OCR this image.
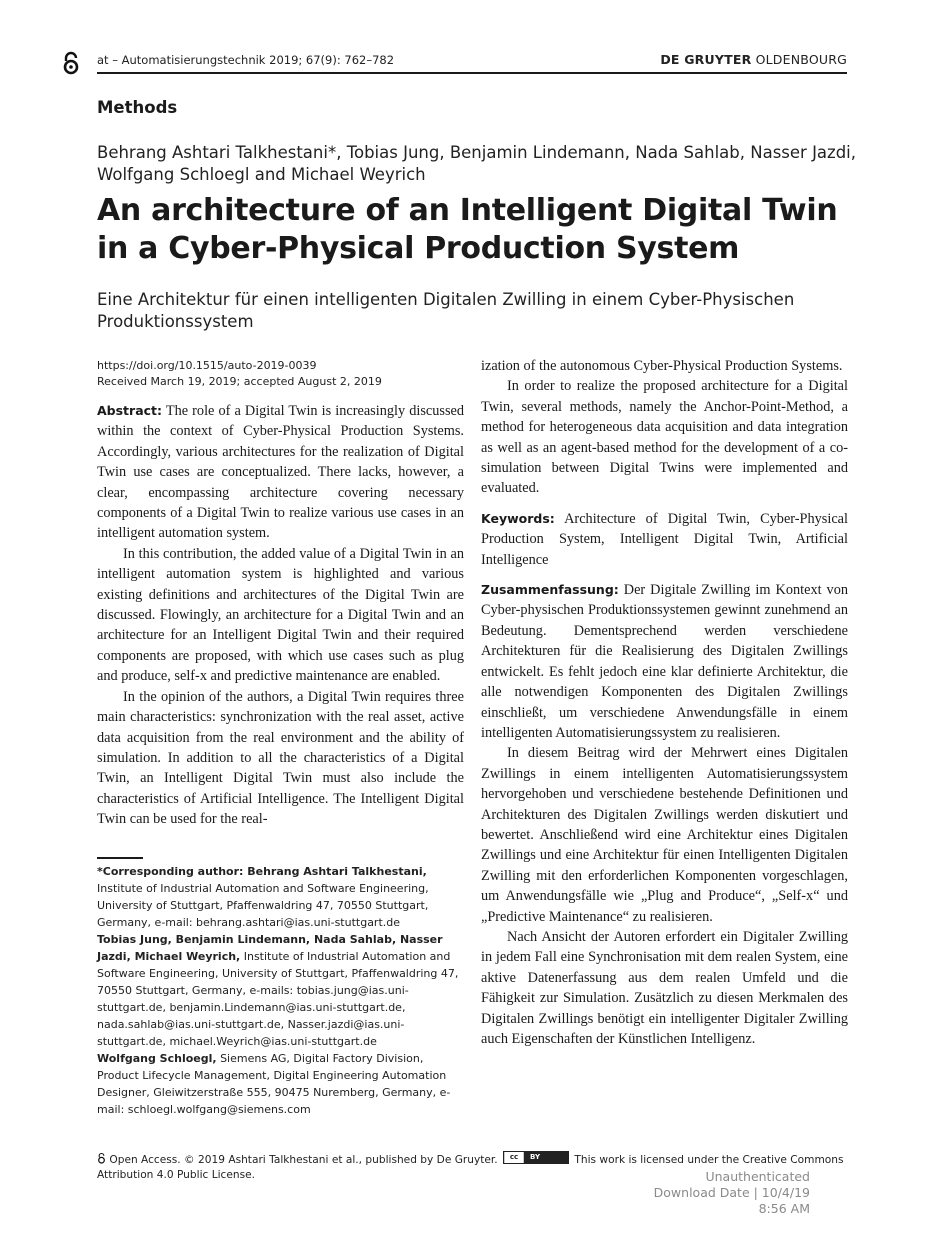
at – Automatisierungstechnik 2019; 67(9): 762–782	DE GRUYTER OLDENBOURG
Methods
Behrang Ashtari Talkhestani*, Tobias Jung, Benjamin Lindemann, Nada Sahlab, Nasser Jazdi, Wolfgang Schloegl and Michael Weyrich
An architecture of an Intelligent Digital Twin in a Cyber-Physical Production System
Eine Architektur für einen intelligenten Digitalen Zwilling in einem Cyber-Physischen Produktionssystem

https://doi.org/10.1515/auto-2019-0039

Received March 19, 2019; accepted August 2, 2019

Abstract: The role of a Digital Twin is increasingly discussed within the context of Cyber-Physical Production Systems. Accordingly, various architectures for the realization of Digital Twin use cases are conceptualized. There lacks, however, a clear, encompassing architecture covering necessary components of a Digital Twin to realize various use cases in an intelligent automation system.

In this contribution, the added value of a Digital Twin in an intelligent automation system is highlighted and various existing definitions and architectures of the Digital Twin are discussed. Flowingly, an architecture for a Digital Twin and an architecture for an Intelligent Digital Twin and their required components are proposed, with which use cases such as plug and produce, self-x and predictive maintenance are enabled.

In the opinion of the authors, a Digital Twin requires three main characteristics: synchronization with the real asset, active data acquisition from the real environment and the ability of simulation. In addition to all the characteristics of a Digital Twin, an Intelligent Digital Twin must also include the characteristics of Artificial Intelligence. The Intelligent Digital Twin can be used for the real-

*Corresponding author: Behrang Ashtari Talkhestani, Institute of Industrial Automation and Software Engineering, University of Stuttgart, Pfaffenwaldring 47, 70550 Stuttgart, Germany, e-mail: behrang.ashtari@ias.uni-stuttgart.de

Tobias Jung, Benjamin Lindemann, Nada Sahlab, Nasser Jazdi, Michael Weyrich, Institute of Industrial Automation and Software Engineering, University of Stuttgart, Pfaffenwaldring 47, 70550 Stuttgart, Germany, e-mails: tobias.jung@ias.uni-stuttgart.de, benjamin.Lindemann@ias.uni-stuttgart.de, nada.sahlab@ias.uni-stuttgart.de, Nasser.jazdi@ias.uni-stuttgart.de, michael.Weyrich@ias.uni-stuttgart.de

Wolfgang Schloegl, Siemens AG, Digital Factory Division, Product Lifecycle Management, Digital Engineering Automation Designer, Gleiwitzerstraße 555, 90475 Nuremberg, Germany, e-mail: schloegl.wolfgang@siemens.com

ization of the autonomous Cyber-Physical Production Systems.

In order to realize the proposed architecture for a Digital Twin, several methods, namely the Anchor-Point-Method, a method for heterogeneous data acquisition and data integration as well as an agent-based method for the development of a co-simulation between Digital Twins were implemented and evaluated.

Keywords: Architecture of Digital Twin, Cyber-Physical Production System, Intelligent Digital Twin, Artificial Intelligence

Zusammenfassung: Der Digitale Zwilling im Kontext von Cyber-physischen Produktionssystemen gewinnt zunehmend an Bedeutung. Dementsprechend werden verschiedene Architekturen für die Realisierung des Digitalen Zwillings entwickelt. Es fehlt jedoch eine klar definierte Architektur, die alle notwendigen Komponenten des Digitalen Zwillings einschließt, um verschiedene Anwendungsfälle in einem intelligenten Automatisierungssystem zu realisieren.

In diesem Beitrag wird der Mehrwert eines Digitalen Zwillings in einem intelligenten Automatisierungssystem hervorgehoben und verschiedene bestehende Definitionen und Architekturen des Digitalen Zwillings werden diskutiert und bewertet. Anschließend wird eine Architektur eines Digitalen Zwillings und eine Architektur für einen Intelligenten Digitalen Zwilling mit den erforderlichen Komponenten vorgeschlagen, um Anwendungsfälle wie „Plug and Produce“, „Self-x“ und „Predictive Maintenance“ zu realisieren.

Nach Ansicht der Autoren erfordert ein Digitaler Zwilling in jedem Fall eine Synchronisation mit dem realen System, eine aktive Datenerfassung aus dem realen Umfeld und die Fähigkeit zur Simulation. Zusätzlich zu diesen Merkmalen des Digitalen Zwillings benötigt ein intelligenter Digitaler Zwilling auch Eigenschaften der Künstlichen Intelligenz.

Open Access. © 2019 Ashtari Talkhestani et al., published by De Gruyter.	cc	BY	This work is licensed under the Creative Commons Attribution 4.0 Public License.	Unauthenticated
Download Date | 10/4/19 8:56 AM
